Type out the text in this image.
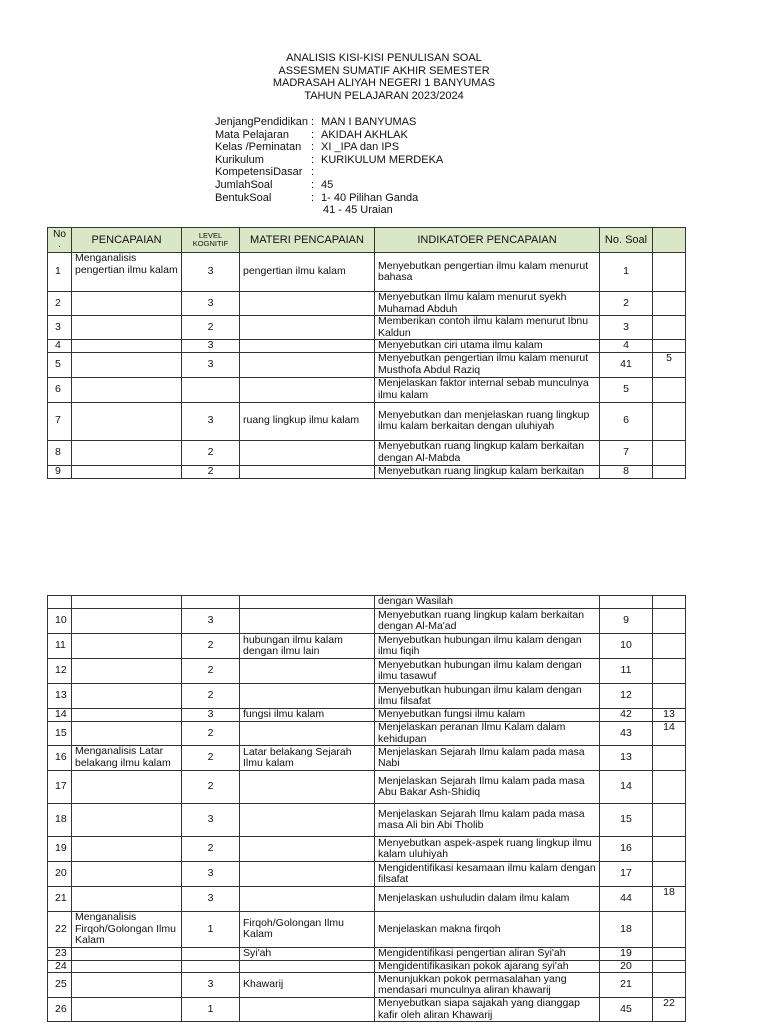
ANALISIS KISI-KISI PENULISAN SOAL
ASSESMEN SUMATIF AKHIR SEMESTER
MADRASAH ALIYAH NEGERI 1 BANYUMAS
TAHUN PELAJARAN 2023/2024
JenjangPendidikan : MAN I BANYUMAS
Mata Pelajaran	: AKIDAH AKHLAK
Kelas /Peminatan : XI _IPA dan IPS
Kurikulum	: KURIKULUM MERDEKA
KompetensiDasar :
JumlahSoal	: 45
BentukSoal	: 1- 40 Pilihan Ganda
41 - 45 Uraian
No .	PENCAPAIAN	LEVEL KOGNITIF	MATERI PENCAPAIAN	INDIKATOER PENCAPAIAN	No. Soal	
1	Menganalisis pengertian ilmu kalam	3	pengertian ilmu kalam	Menyebutkan pengertian ilmu kalam menurut bahasa	1	
2		3		Menyebutkan Ilmu kalam menurut syekh Muhamad Abduh	2	
3		2		Memberikan contoh ilmu kalam menurut Ibnu Kaldun	3	
4		3		Menyebutkan ciri utama ilmu kalam	4	
5		3		Menyebutkan pengertian ilmu kalam menurut Musthofa Abdul Raziq	41	5
6				Menjelaskan faktor internal sebab munculnya ilmu kalam	5	
7		3	ruang lingkup ilmu kalam	Menyebutkan dan menjelaskan ruang lingkup ilmu kalam berkaitan dengan uluhiyah	6	
8		2		Menyebutkan ruang lingkup kalam berkaitan dengan Al-Mabda	7	
9		2		Menyebutkan ruang lingkup kalam berkaitan	8	
				dengan Wasilah		
10		3		Menyebutkan ruang lingkup kalam berkaitan dengan Al-Ma'ad	9	
11		2	hubungan ilmu kalam dengan ilmu lain	Menyebutkan hubungan ilmu kalam dengan ilmu fiqih	10	
12		2		Menyebutkan hubungan ilmu kalam dengan ilmu tasawuf	11	
13		2		Menyebutkan hubungan ilmu kalam dengan ilmu filsafat	12	
14		3	fungsi ilmu kalam	Menyebutkan fungsi ilmu kalam	42	13
15		2		Menjelaskan peranan Ilmu Kalam dalam kehidupan	43	14
16	Menganalisis Latar belakang ilmu kalam	2	Latar belakang Sejarah Ilmu kalam	Menjelaskan Sejarah Ilmu kalam pada masa Nabi	13	
17		2		Menjelaskan Sejarah Ilmu kalam pada masa Abu Bakar Ash-Shidiq	14	
18		3		Menjelaskan Sejarah Ilmu kalam pada masa masa Ali bin Abi Tholib	15	
19		2		Menyebutkan aspek-aspek ruang lingkup ilmu kalam uluhiyah	16	
20		3		Mengidentifikasi kesamaan ilmu kalam dengan filsafat	17	
21		3		Menjelaskan ushuludin dalam ilmu kalam	44	18
22	Menganalisis Firqoh/Golongan Ilmu Kalam	1	Firqoh/Golongan Ilmu Kalam	Menjelaskan makna firqoh	18	
23			Syi'ah	Mengidentifikasi pengertian aliran Syi'ah	19	
24				Mengidentifikasikan pokok ajarang syi'ah	20	
25		3	Khawarij	Menunjukkan pokok permasalahan yang mendasari munculnya aliran khawarij	21	
26		1		Menyebutkan siapa sajakah yang dianggap kafir oleh aliran Khawarij	45	22
